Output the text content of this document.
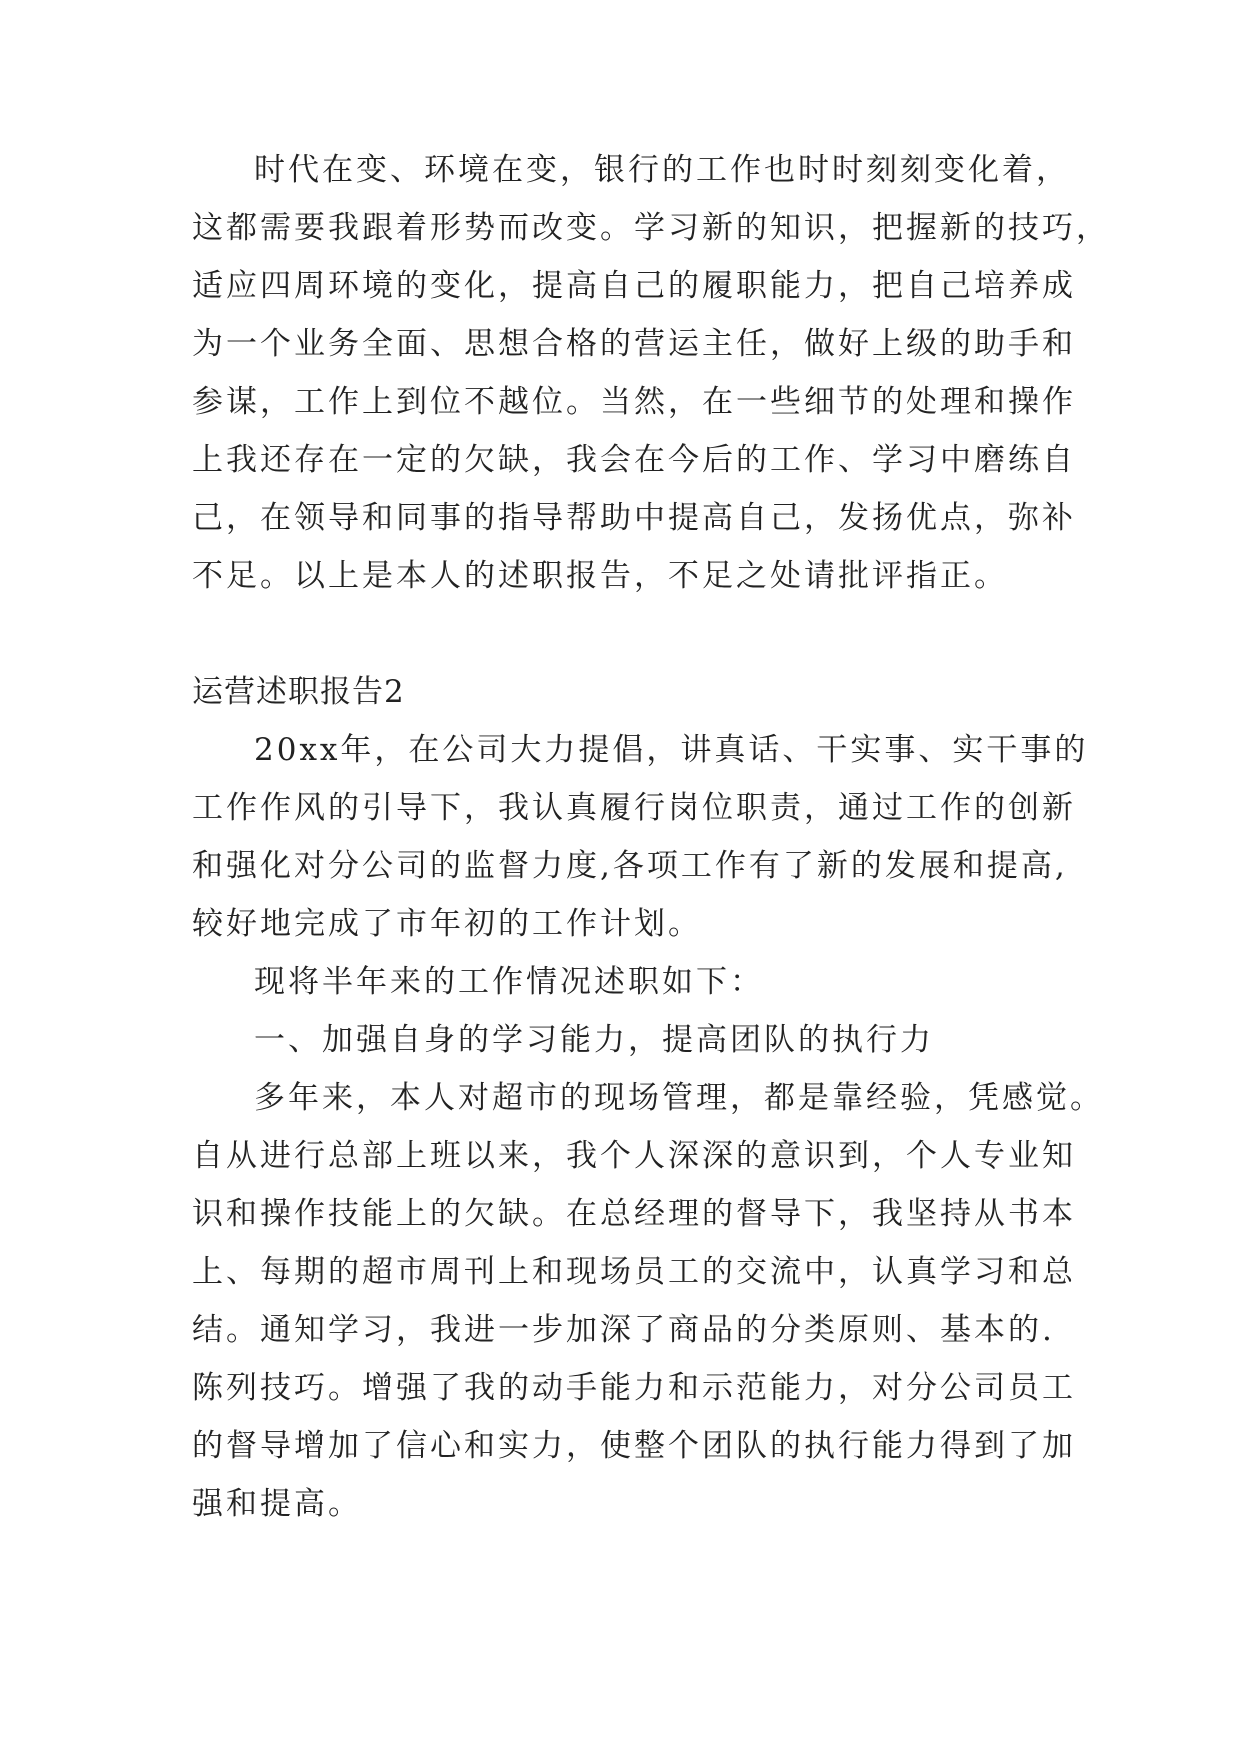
时代在变、环境在变，银行的工作也时时刻刻变化着，
这都需要我跟着形势而改变。学习新的知识，把握新的技巧，
适应四周环境的变化，提高自己的履职能力，把自己培养成
为一个业务全面、思想合格的营运主任，做好上级的助手和
参谋，工作上到位不越位。当然，在一些细节的处理和操作
上我还存在一定的欠缺，我会在今后的工作、学习中磨练自
己，在领导和同事的指导帮助中提高自己，发扬优点，弥补
不足。以上是本人的述职报告，不足之处请批评指正。
运营述职报告2
20xx年，在公司大力提倡，讲真话、干实事、实干事的
工作作风的引导下，我认真履行岗位职责，通过工作的创新
和强化对分公司的监督力度,各项工作有了新的发展和提高,
较好地完成了市年初的工作计划。
现将半年来的工作情况述职如下：
一、加强自身的学习能力，提高团队的执行力
多年来，本人对超市的现场管理，都是靠经验，凭感觉。
自从进行总部上班以来，我个人深深的意识到，个人专业知
识和操作技能上的欠缺。在总经理的督导下，我坚持从书本
上、每期的超市周刊上和现场员工的交流中，认真学习和总
结。通知学习，我进一步加深了商品的分类原则、基本的.
陈列技巧。增强了我的动手能力和示范能力，对分公司员工
的督导增加了信心和实力，使整个团队的执行能力得到了加
强和提高。
